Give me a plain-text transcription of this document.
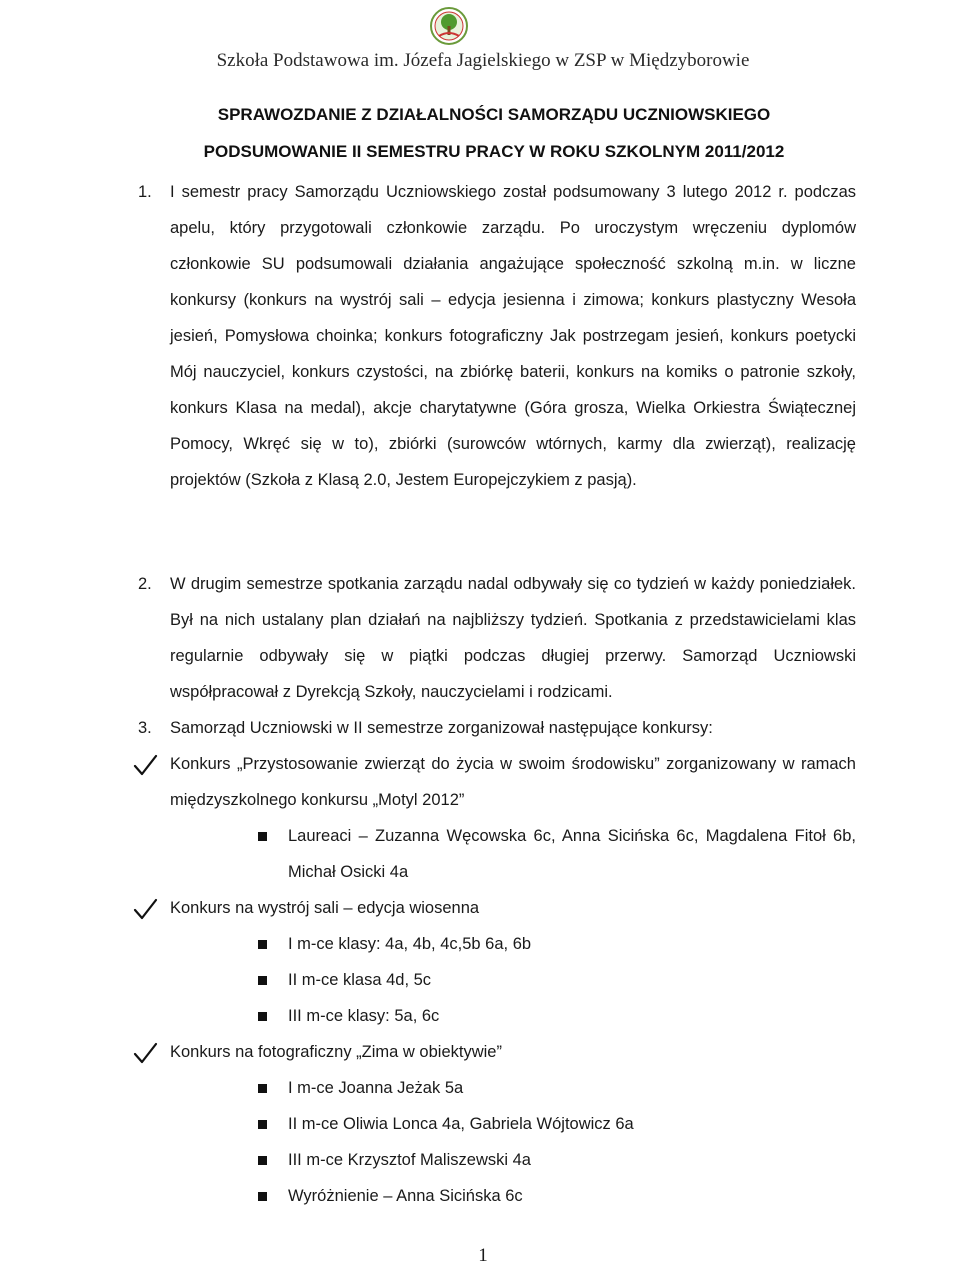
Szkoła Podstawowa im. Józefa Jagielskiego w ZSP w Międzyborowie
SPRAWOZDANIE Z DZIAŁALNOŚCI SAMORZĄDU UCZNIOWSKIEGO
PODSUMOWANIE II SEMESTRU PRACY W ROKU SZKOLNYM 2011/2012
1. I semestr pracy Samorządu Uczniowskiego został podsumowany 3 lutego 2012 r. podczas apelu, który przygotowali członkowie zarządu. Po uroczystym wręczeniu dyplomów członkowie SU podsumowali działania angażujące społeczność szkolną m.in. w liczne konkursy (konkurs na wystrój sali – edycja jesienna i zimowa; konkurs plastyczny Wesoła jesień, Pomysłowa choinka; konkurs fotograficzny Jak postrzegam jesień, konkurs poetycki Mój nauczyciel, konkurs czystości, na zbiórkę baterii, konkurs na komiks o patronie szkoły, konkurs Klasa na medal), akcje charytatywne (Góra grosza, Wielka Orkiestra Świątecznej Pomocy, Wkręć się w to), zbiórki (surowców wtórnych, karmy dla zwierząt), realizację projektów (Szkoła z Klasą 2.0, Jestem Europejczykiem z pasją).
2. W drugim semestrze spotkania zarządu nadal odbywały się co tydzień w każdy poniedziałek. Był na nich ustalany plan działań na najbliższy tydzień. Spotkania z przedstawicielami klas regularnie odbywały się w piątki podczas długiej przerwy. Samorząd Uczniowski współpracował z Dyrekcją Szkoły, nauczycielami i rodzicami.
3. Samorząd Uczniowski w II semestrze zorganizował następujące konkursy:
Konkurs „Przystosowanie zwierząt do życia w swoim środowisku” zorganizowany w ramach międzyszkolnego konkursu „Motyl 2012”
Laureaci – Zuzanna Węcowska 6c, Anna Sicińska 6c, Magdalena Fitoł 6b, Michał Osicki 4a
Konkurs na wystrój sali – edycja wiosenna
I m-ce klasy: 4a, 4b, 4c,5b 6a, 6b
II m-ce klasa 4d, 5c
III m-ce klasy: 5a, 6c
Konkurs na fotograficzny „Zima w obiektywie”
I m-ce Joanna Jeżak 5a
II m-ce Oliwia Lonca 4a, Gabriela Wójtowicz 6a
III m-ce Krzysztof Maliszewski 4a
Wyróżnienie – Anna Sicińska 6c
1
